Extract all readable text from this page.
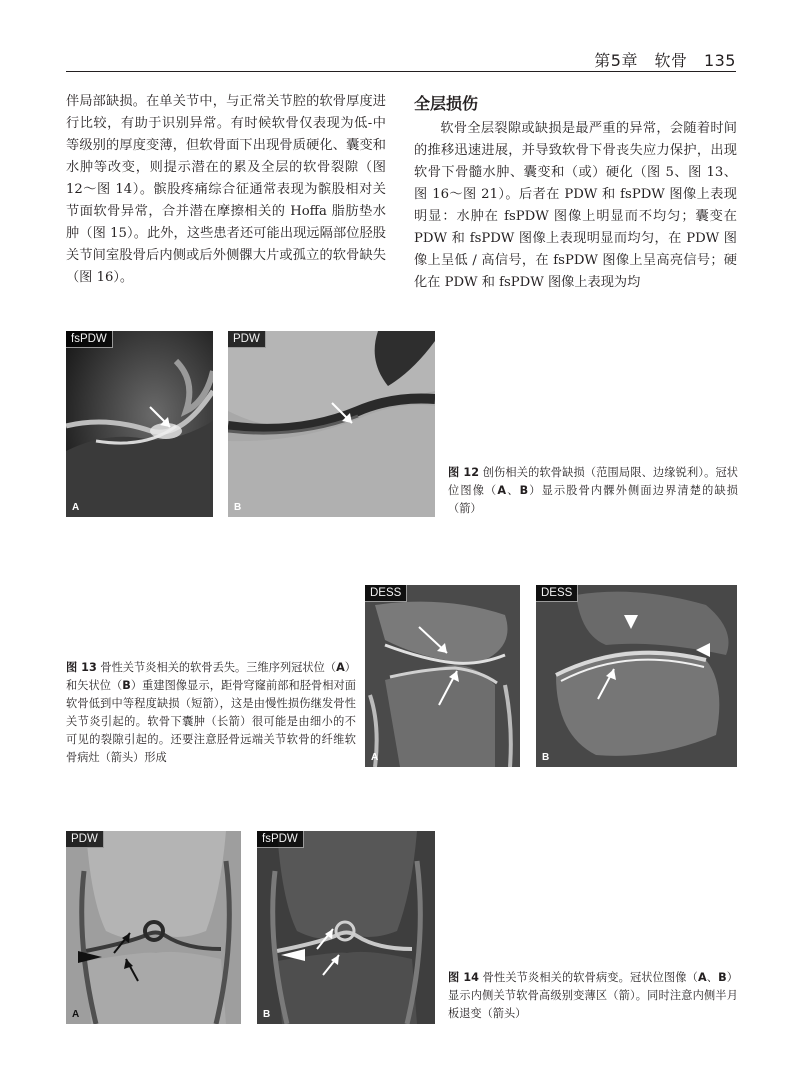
第5章　软骨　135

伴局部缺损。在单关节中，与正常关节腔的软骨厚度进行比较，有助于识别异常。有时候软骨仅表现为低-中等级别的厚度变薄，但软骨面下出现骨质硬化、囊变和水肿等改变，则提示潜在的累及全层的软骨裂隙（图 12～图 14）。髌股疼痛综合征通常表现为髌股相对关节面软骨异常，合并潜在摩擦相关的 Hoffa 脂肪垫水肿（图 15）。此外，这些患者还可能出现远隔部位胫股关节间室股骨后内侧或后外侧髁大片或孤立的软骨缺失（图 16）。

全层损伤

软骨全层裂隙或缺损是最严重的异常，会随着时间的推移迅速进展，并导致软骨下骨丧失应力保护，出现软骨下骨髓水肿、囊变和（或）硬化（图 5、图 13、图 16～图 21）。后者在 PDW 和 fsPDW 图像上表现明显：水肿在 fsPDW 图像上明显而不均匀；囊变在 PDW 和 fsPDW 图像上表现明显而均匀，在 PDW 图像上呈低 / 高信号，在 fsPDW 图像上呈高亮信号；硬化在 PDW 和 fsPDW 图像上表现为均

fsPDW
A
PDW
B
图 12 创伤相关的软骨缺损（范围局限、边缘锐利）。冠状位图像（A、B）显示股骨内髁外侧面边界清楚的缺损（箭）
图 13 骨性关节炎相关的软骨丢失。三维序列冠状位（A）和矢状位（B）重建图像显示，距骨穹窿前部和胫骨相对面软骨低到中等程度缺损（短箭），这是由慢性损伤继发骨性关节炎引起的。软骨下囊肿（长箭）很可能是由细小的不可见的裂隙引起的。还要注意胫骨远端关节软骨的纤维软骨病灶（箭头）形成
DESS
A
DESS
B
PDW
A
fsPDW
B
图 14 骨性关节炎相关的软骨病变。冠状位图像（A、B）显示内侧关节软骨高级别变薄区（箭）。同时注意内侧半月板退变（箭头）
